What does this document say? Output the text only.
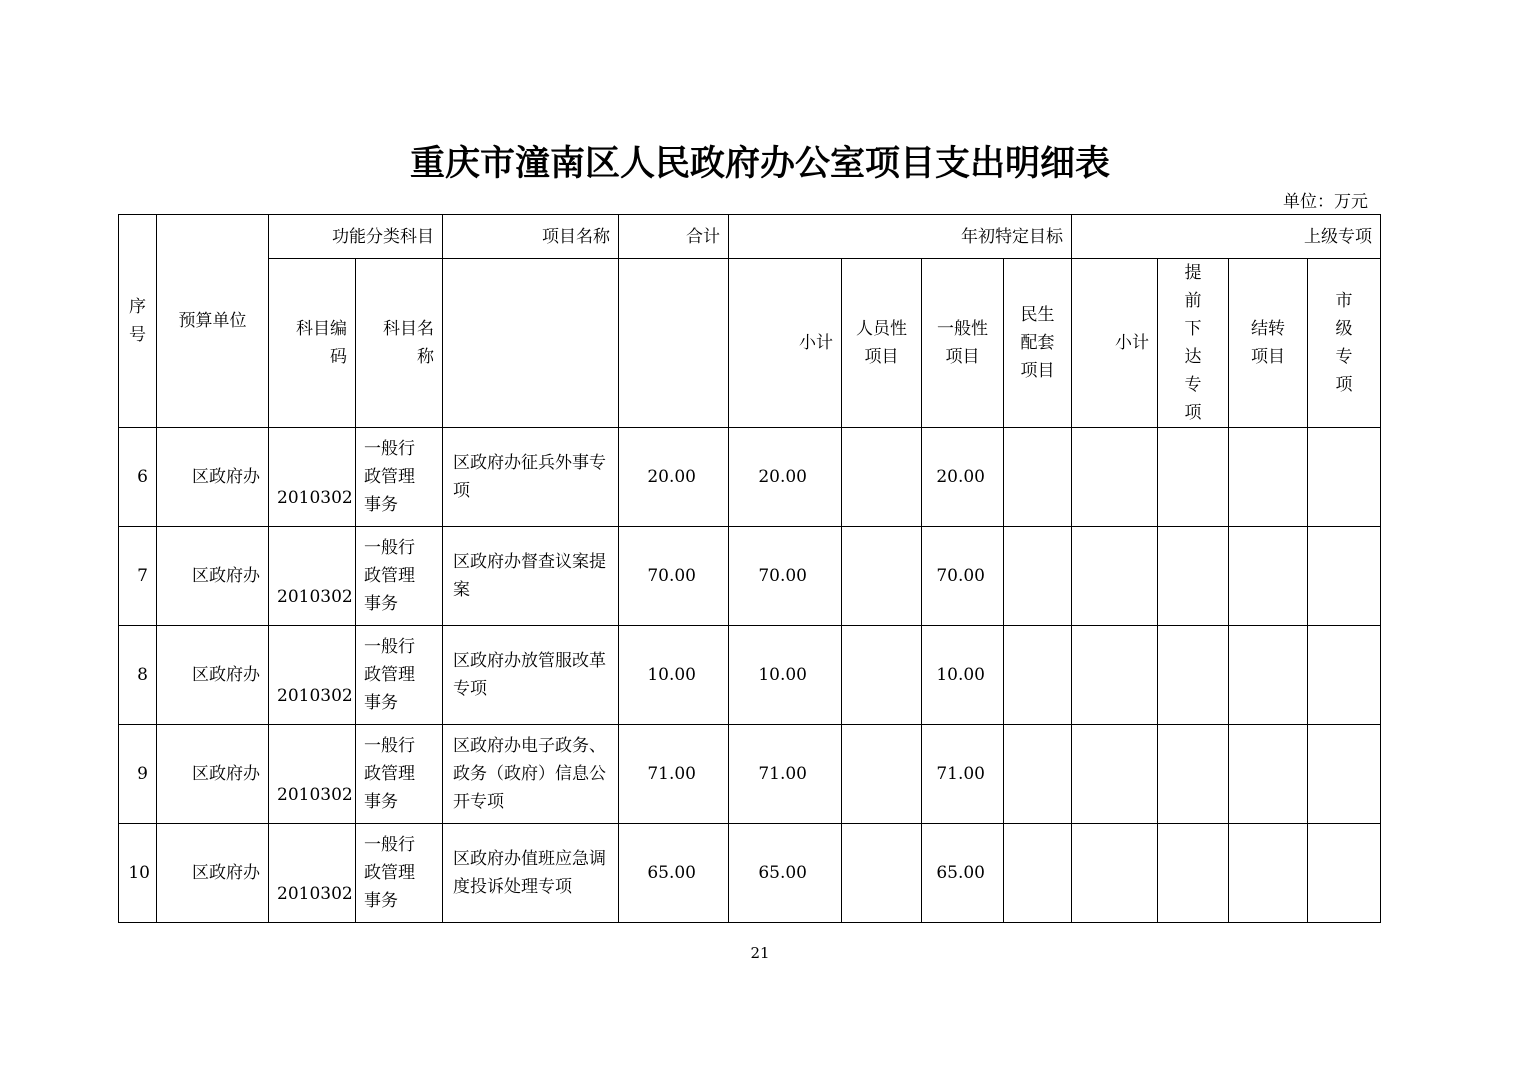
重庆市潼南区人民政府办公室项目支出明细表
单位：万元
序号	预算单位	功能分类科目		项目名称	合计	年初特定目标				上级专项			
		科目编码	科目名称			小计	人员性项目	一般性项目	民生配套项目	小计	提前下达专项	结转项目	市级专项
6	区政府办	2010302	一般行政管理事务	区政府办征兵外事专项	20.00	20.00		20.00					
7	区政府办	2010302	一般行政管理事务	区政府办督查议案提案	70.00	70.00		70.00					
8	区政府办	2010302	一般行政管理事务	区政府办放管服改革专项	10.00	10.00		10.00					
9	区政府办	2010302	一般行政管理事务	区政府办电子政务、政务（政府）信息公开专项	71.00	71.00		71.00					
10	区政府办	2010302	一般行政管理事务	区政府办值班应急调度投诉处理专项	65.00	65.00		65.00					
21
